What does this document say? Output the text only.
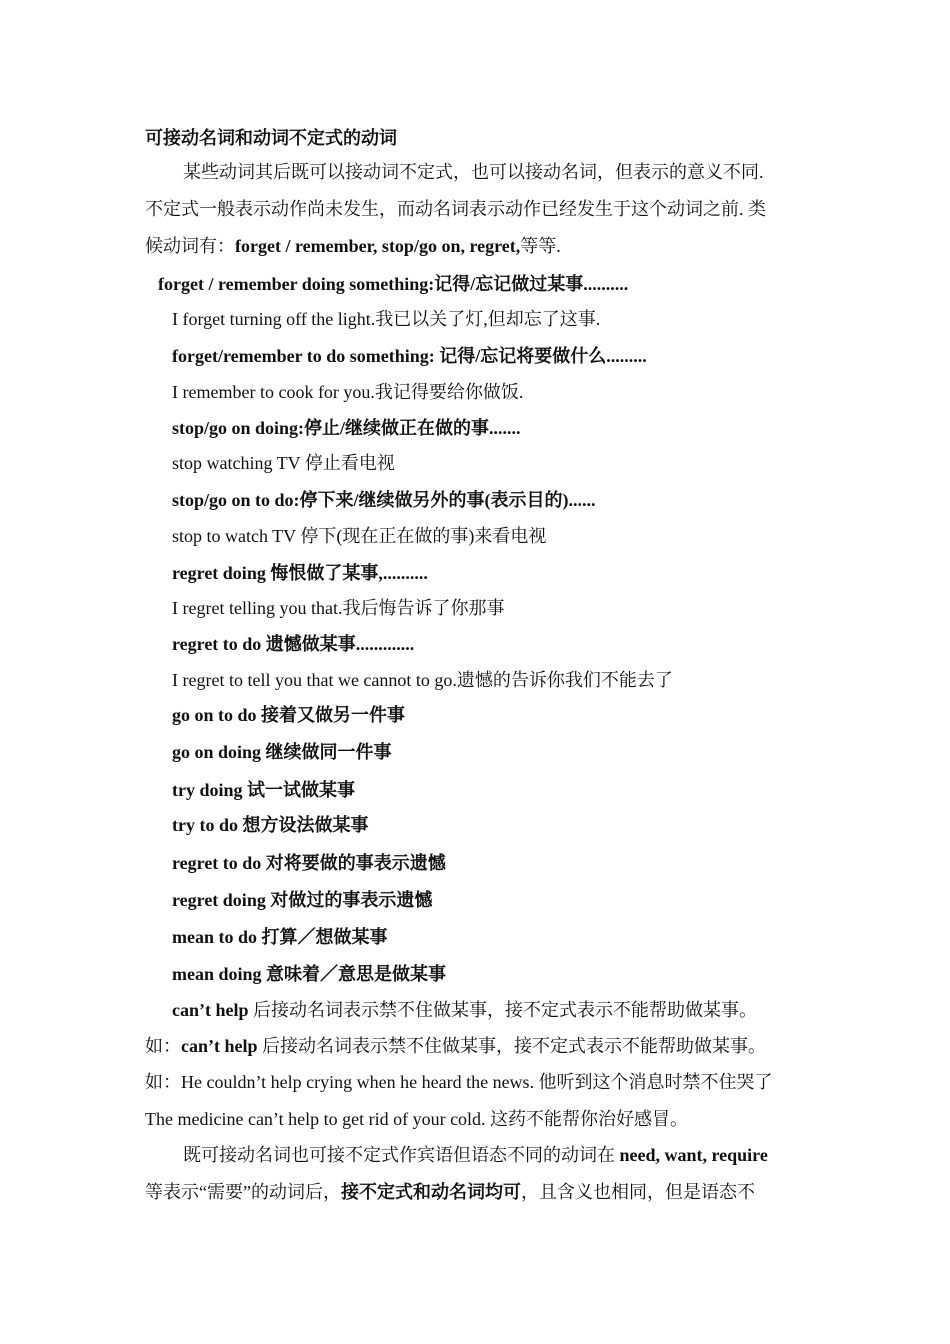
可接动名词和动词不定式的动词
某些动词其后既可以接动词不定式，也可以接动名词，但表示的意义不同.
不定式一般表示动作尚未发生，而动名词表示动作已经发生于这个动词之前. 类
候动词有：forget / remember, stop/go on, regret,等等.
forget / remember doing something:记得/忘记做过某事..........
I forget turning off the light.我已以关了灯,但却忘了这事.
forget/remember to do something: 记得/忘记将要做什么.........
I remember to cook for you.我记得要给你做饭.
stop/go on doing:停止/继续做正在做的事.......
stop watching TV 停止看电视
stop/go on to do:停下来/继续做另外的事(表示目的)......
stop to watch TV 停下(现在正在做的事)来看电视
regret doing 悔恨做了某事,..........
I regret telling you that.我后悔告诉了你那事
regret to do 遗憾做某事.............
I regret to tell you that we cannot to go.遗憾的告诉你我们不能去了
go on to do 接着又做另一件事
go on doing 继续做同一件事
try doing 试一试做某事
try to do 想方设法做某事
regret to do 对将要做的事表示遗憾
regret doing 对做过的事表示遗憾
mean to do 打算／想做某事
mean doing 意味着／意思是做某事
can’t help 后接动名词表示禁不住做某事，接不定式表示不能帮助做某事。
如：can’t help 后接动名词表示禁不住做某事，接不定式表示不能帮助做某事。
如：He couldn’t help crying when he heard the news. 他听到这个消息时禁不住哭了
The medicine can’t help to get rid of your cold. 这药不能帮你治好感冒。
既可接动名词也可接不定式作宾语但语态不同的动词在 need, want, require
等表示“需要”的动词后，接不定式和动名词均可，且含义也相同，但是语态不
